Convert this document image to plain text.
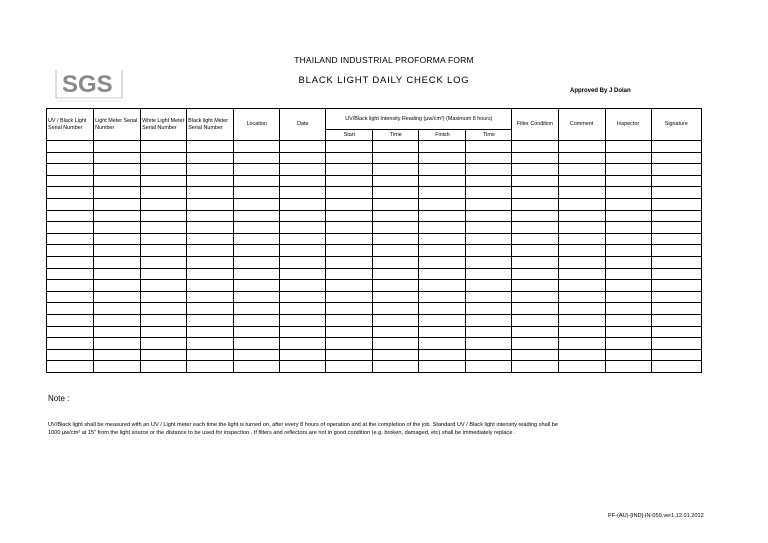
THAILAND INDUSTRIAL PROFORMA FORM
BLACK LIGHT DAILY CHECK LOG
Approved By J Dolan
SGS
UV / Black Light Serial Number	Light Meter Serial Number	White Light Meter Serial Number	Black light Meter Serial Number	Location	Date	UV/Black light Intensity Reading (µw/cm²) (Maximum 8 hours)				Filter Condition	Comment	Inspector	Signature
						Start	Time	Finish	Time				

Note :
UV/Black light shall be measured with an UV / Light meter each time the light is turned on, after every 8 hours of operation and at the completion of the job. Standard UV / Black light intensity reading shall be 1000 µw/cm² at 15" from the light source or the distance to be used for inspection . If filters and reflectors are not in good condition (e.g. broken, damaged, etc) shall be immediately replace .
PF-(AU)-[IND]-IN-059.ver1.12.01.2012
